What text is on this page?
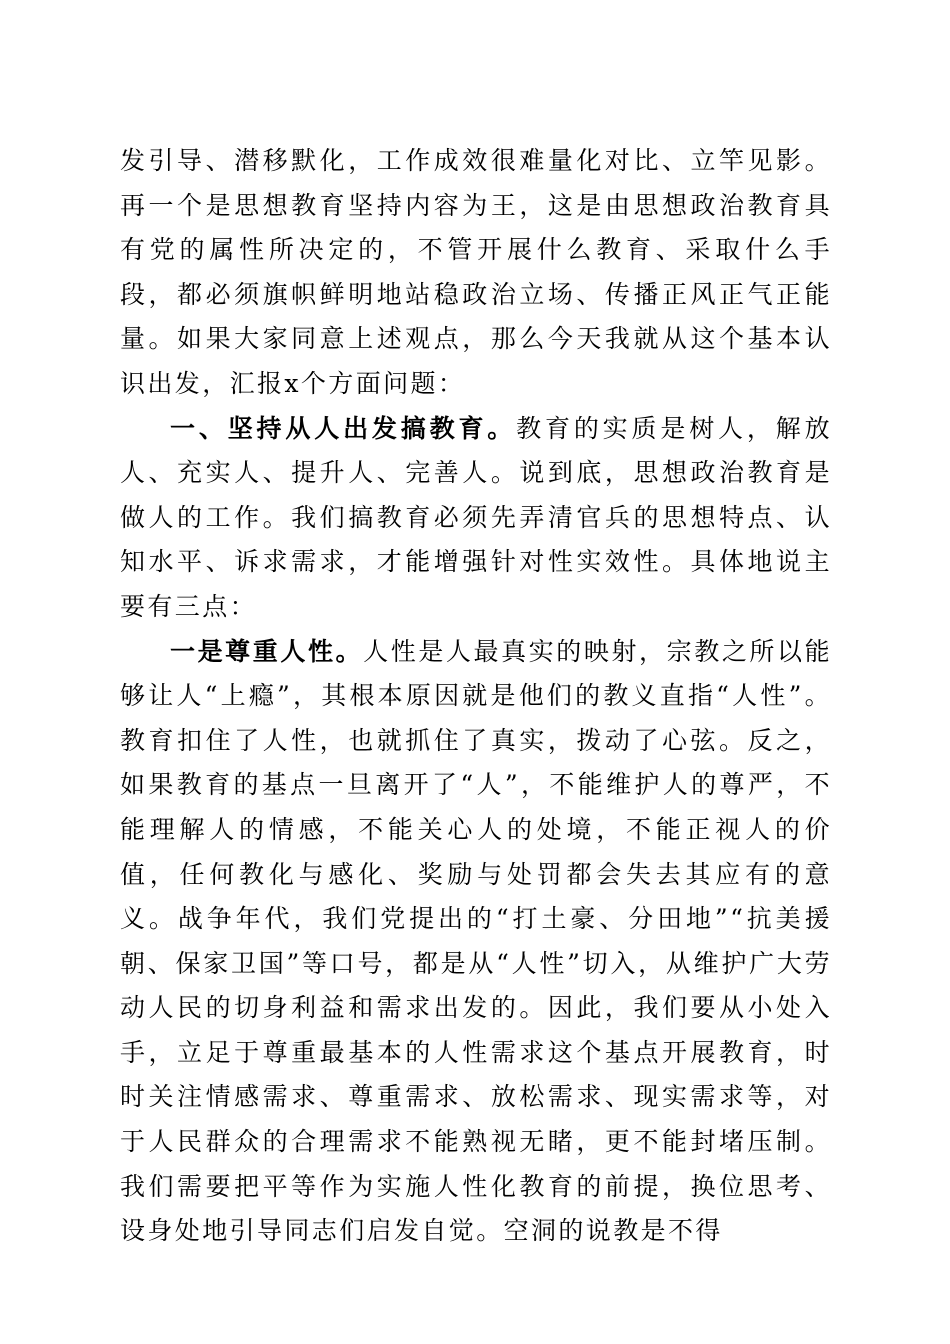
发引导、潜移默化，工作成效很难量化对比、立竿见影。再一个是思想教育坚持内容为王，这是由思想政治教育具有党的属性所决定的，不管开展什么教育、采取什么手段，都必须旗帜鲜明地站稳政治立场、传播正风正气正能量。如果大家同意上述观点，那么今天我就从这个基本认识出发，汇报x个方面问题：

一、坚持从人出发搞教育。教育的实质是树人，解放人、充实人、提升人、完善人。说到底，思想政治教育是做人的工作。我们搞教育必须先弄清官兵的思想特点、认知水平、诉求需求，才能增强针对性实效性。具体地说主要有三点：

一是尊重人性。人性是人最真实的映射，宗教之所以能够让人“上瘾”，其根本原因就是他们的教义直指“人性”。教育扣住了人性，也就抓住了真实，拨动了心弦。反之，如果教育的基点一旦离开了“人”，不能维护人的尊严，不能理解人的情感，不能关心人的处境，不能正视人的价值，任何教化与感化、奖励与处罚都会失去其应有的意义。战争年代，我们党提出的“打土豪、分田地”“抗美援朝、保家卫国”等口号，都是从“人性”切入，从维护广大劳动人民的切身利益和需求出发的。因此，我们要从小处入手，立足于尊重最基本的人性需求这个基点开展教育，时时关注情感需求、尊重需求、放松需求、现实需求等，对于人民群众的合理需求不能熟视无睹，更不能封堵压制。我们需要把平等作为实施人性化教育的前提，换位思考、设身处地引导同志们启发自觉。空洞的说教是不得
